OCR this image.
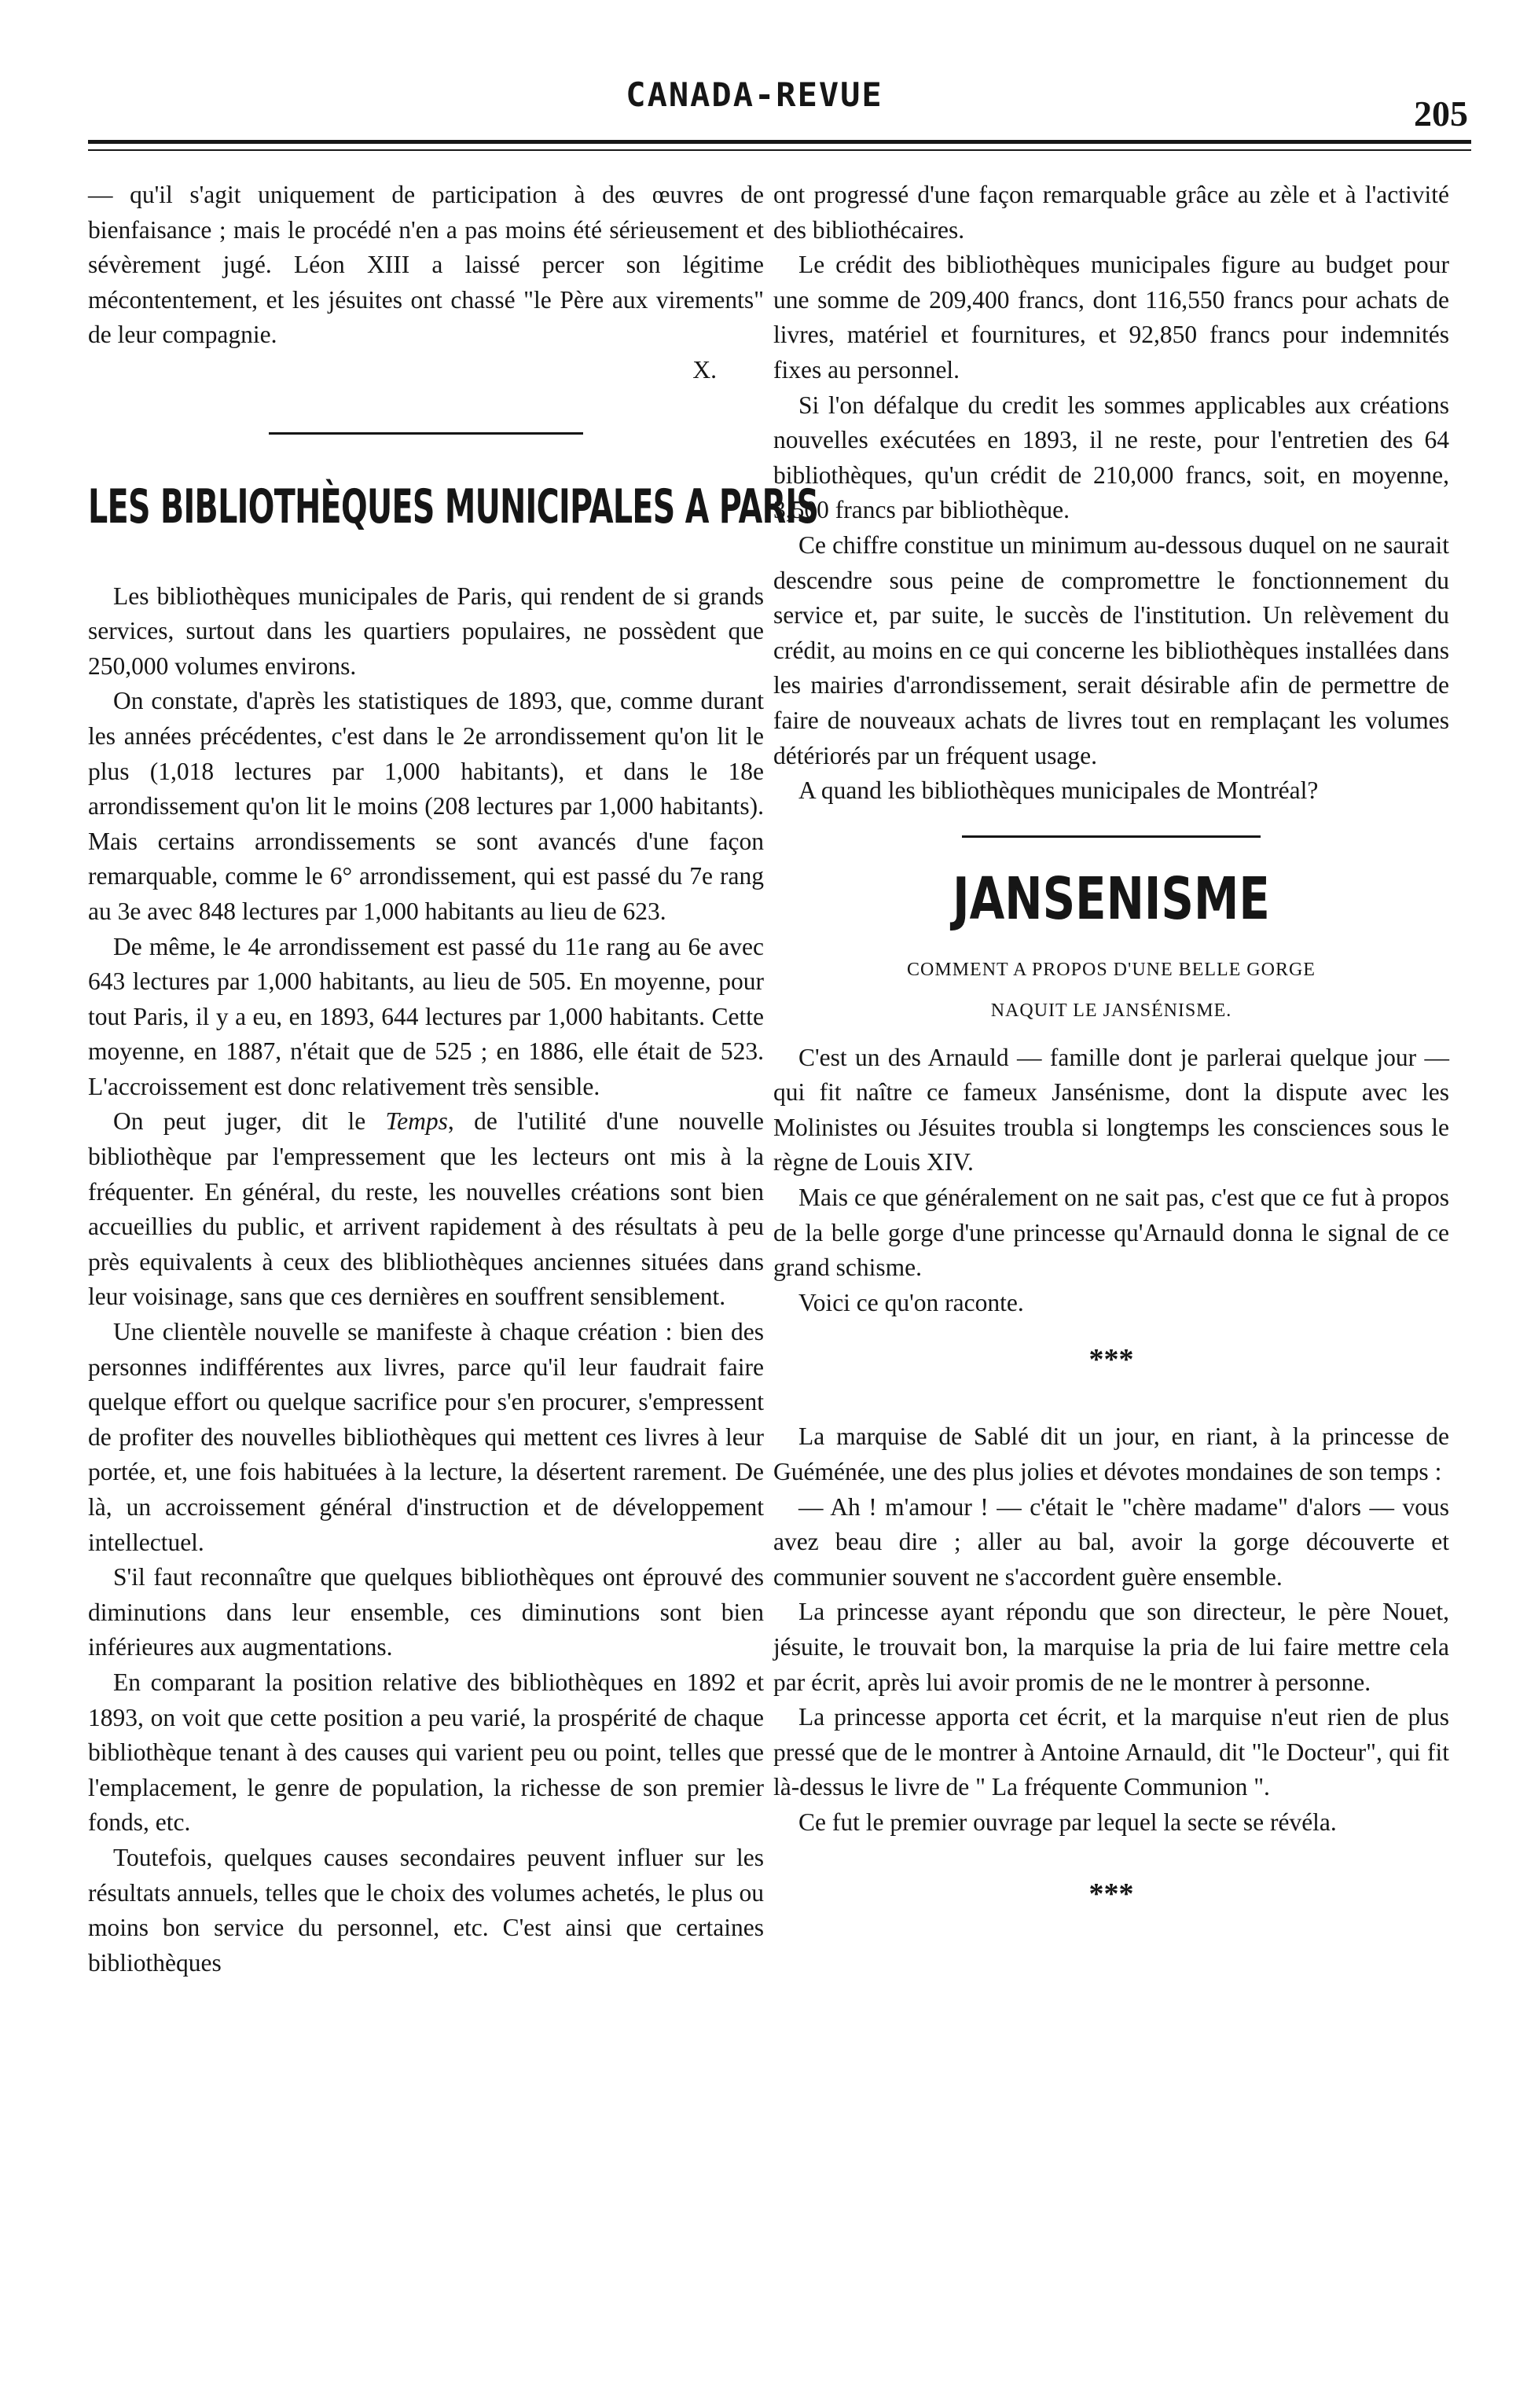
CANADA-REVUE	205

— qu'il s'agit uniquement de participation à des œuvres de bienfaisance ; mais le procédé n'en a pas moins été sérieusement et sévèrement jugé. Léon XIII a laissé percer son légitime mécontentement, et les jésuites ont chassé "le Père aux virements" de leur compagnie.

X.

LES BIBLIOTHÈQUES MUNICIPALES A PARIS

Les bibliothèques municipales de Paris, qui rendent de si grands services, surtout dans les quartiers populaires, ne possèdent que 250,000 volumes environs.

On constate, d'après les statistiques de 1893, que, comme durant les années précédentes, c'est dans le 2e arrondissement qu'on lit le plus (1,018 lectures par 1,000 habitants), et dans le 18e arrondissement qu'on lit le moins (208 lectures par 1,000 habitants). Mais certains arrondissements se sont avancés d'une façon remarquable, comme le 6° arrondissement, qui est passé du 7e rang au 3e avec 848 lectures par 1,000 habitants au lieu de 623.

De même, le 4e arrondissement est passé du 11e rang au 6e avec 643 lectures par 1,000 habitants, au lieu de 505. En moyenne, pour tout Paris, il y a eu, en 1893, 644 lectures par 1,000 habitants. Cette moyenne, en 1887, n'était que de 525 ; en 1886, elle était de 523. L'accroissement est donc relativement très sensible.

On peut juger, dit le Temps, de l'utilité d'une nouvelle bibliothèque par l'empressement que les lecteurs ont mis à la fréquenter. En général, du reste, les nouvelles créations sont bien accueillies du public, et arrivent rapidement à des résultats à peu près equivalents à ceux des blibliothèques anciennes situées dans leur voisinage, sans que ces dernières en souffrent sensiblement.

Une clientèle nouvelle se manifeste à chaque création : bien des personnes indifférentes aux livres, parce qu'il leur faudrait faire quelque effort ou quelque sacrifice pour s'en procurer, s'empressent de profiter des nouvelles bibliothèques qui mettent ces livres à leur portée, et, une fois habituées à la lecture, la désertent rarement. De là, un accroissement général d'instruction et de développement intellectuel.

S'il faut reconnaître que quelques bibliothèques ont éprouvé des diminutions dans leur ensemble, ces diminutions sont bien inférieures aux augmentations.

En comparant la position relative des bibliothèques en 1892 et 1893, on voit que cette position a peu varié, la prospérité de chaque bibliothèque tenant à des causes qui varient peu ou point, telles que l'emplacement, le genre de population, la richesse de son premier fonds, etc.

Toutefois, quelques causes secondaires peuvent influer sur les résultats annuels, telles que le choix des volumes achetés, le plus ou moins bon service du personnel, etc. C'est ainsi que certaines bibliothèques

ont progressé d'une façon remarquable grâce au zèle et à l'activité des bibliothécaires.

Le crédit des bibliothèques municipales figure au budget pour une somme de 209,400 francs, dont 116,550 francs pour achats de livres, matériel et fournitures, et 92,850 francs pour indemnités fixes au personnel.

Si l'on défalque du credit les sommes applicables aux créations nouvelles exécutées en 1893, il ne reste, pour l'entretien des 64 bibliothèques, qu'un crédit de 210,000 francs, soit, en moyenne, 3,500 francs par bibliothèque.

Ce chiffre constitue un minimum au-dessous duquel on ne saurait descendre sous peine de compromettre le fonctionnement du service et, par suite, le succès de l'institution. Un relèvement du crédit, au moins en ce qui concerne les bibliothèques installées dans les mairies d'arrondissement, serait désirable afin de permettre de faire de nouveaux achats de livres tout en remplaçant les volumes détériorés par un fréquent usage.

A quand les bibliothèques municipales de Montréal?

JANSENISME
COMMENT A PROPOS D'UNE BELLE GORGE
NAQUIT LE JANSÉNISME.

C'est un des Arnauld — famille dont je parlerai quelque jour — qui fit naître ce fameux Jansénisme, dont la dispute avec les Molinistes ou Jésuites troubla si longtemps les consciences sous le règne de Louis XIV.

Mais ce que généralement on ne sait pas, c'est que ce fut à propos de la belle gorge d'une princesse qu'Arnauld donna le signal de ce grand schisme.

Voici ce qu'on raconte.

***

La marquise de Sablé dit un jour, en riant, à la princesse de Guéménée, une des plus jolies et dévotes mondaines de son temps :

— Ah ! m'amour ! — c'était le "chère madame" d'alors — vous avez beau dire ; aller au bal, avoir la gorge découverte et communier souvent ne s'accordent guère ensemble.

La princesse ayant répondu que son directeur, le père Nouet, jésuite, le trouvait bon, la marquise la pria de lui faire mettre cela par écrit, après lui avoir promis de ne le montrer à personne.

La princesse apporta cet écrit, et la marquise n'eut rien de plus pressé que de le montrer à Antoine Arnauld, dit "le Docteur", qui fit là-dessus le livre de " La fréquente Communion ".

Ce fut le premier ouvrage par lequel la secte se révéla.

***
